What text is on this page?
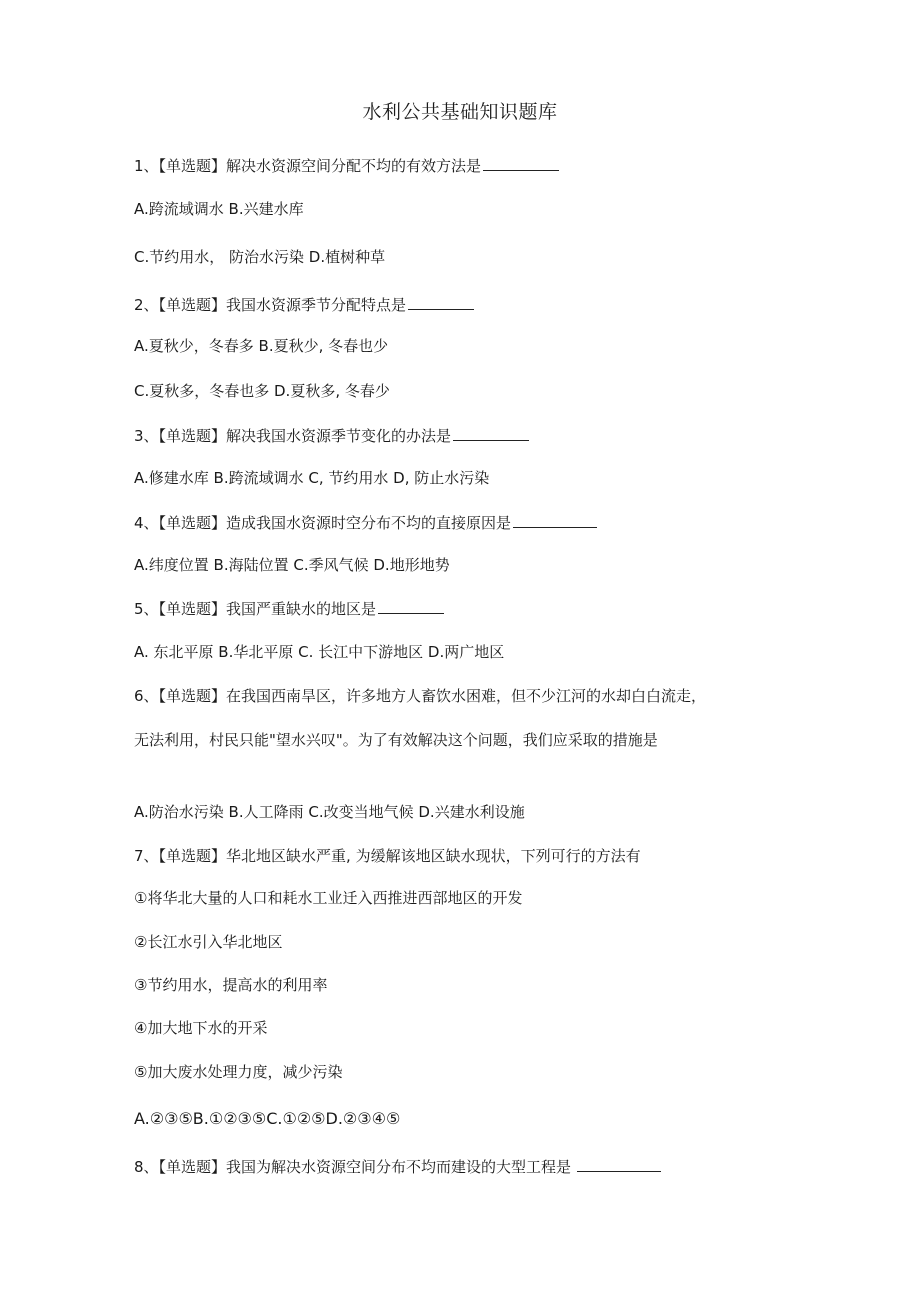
水利公共基础知识题库
1、【单选题】解决水资源空间分配不均的有效方法是
A.跨流域调水 B.兴建水库
C.节约用水， 防治水污染 D.植树种草
2、【单选题】我国水资源季节分配特点是
A.夏秋少，冬春多 B.夏秋少, 冬春也少
C.夏秋多，冬春也多 D.夏秋多, 冬春少
3、【单选题】解决我国水资源季节变化的办法是
A.修建水库 B.跨流域调水 C, 节约用水 D, 防止水污染
4、【单选题】造成我国水资源时空分布不均的直接原因是
A.纬度位置 B.海陆位置 C.季风气候 D.地形地势
5、【单选题】我国严重缺水的地区是
A. 东北平原 B.华北平原 C. 长江中下游地区 D.两广地区
6、【单选题】在我国西南旱区，许多地方人畜饮水困难，但不少江河的水却白白流走，
无法利用，村民只能"望水兴叹"。为了有效解决这个问题，我们应采取的措施是
A.防治水污染 B.人工降雨 C.改变当地气候 D.兴建水利设施
7、【单选题】华北地区缺水严重, 为缓解该地区缺水现状，下列可行的方法有
①将华北大量的人口和耗水工业迁入西推进西部地区的开发
②长江水引入华北地区
③节约用水，提高水的利用率
④加大地下水的开采
⑤加大废水处理力度，减少污染
A.②③⑤B.①②③⑤C.①②⑤D.②③④⑤
8、【单选题】我国为解决水资源空间分布不均而建设的大型工程是
